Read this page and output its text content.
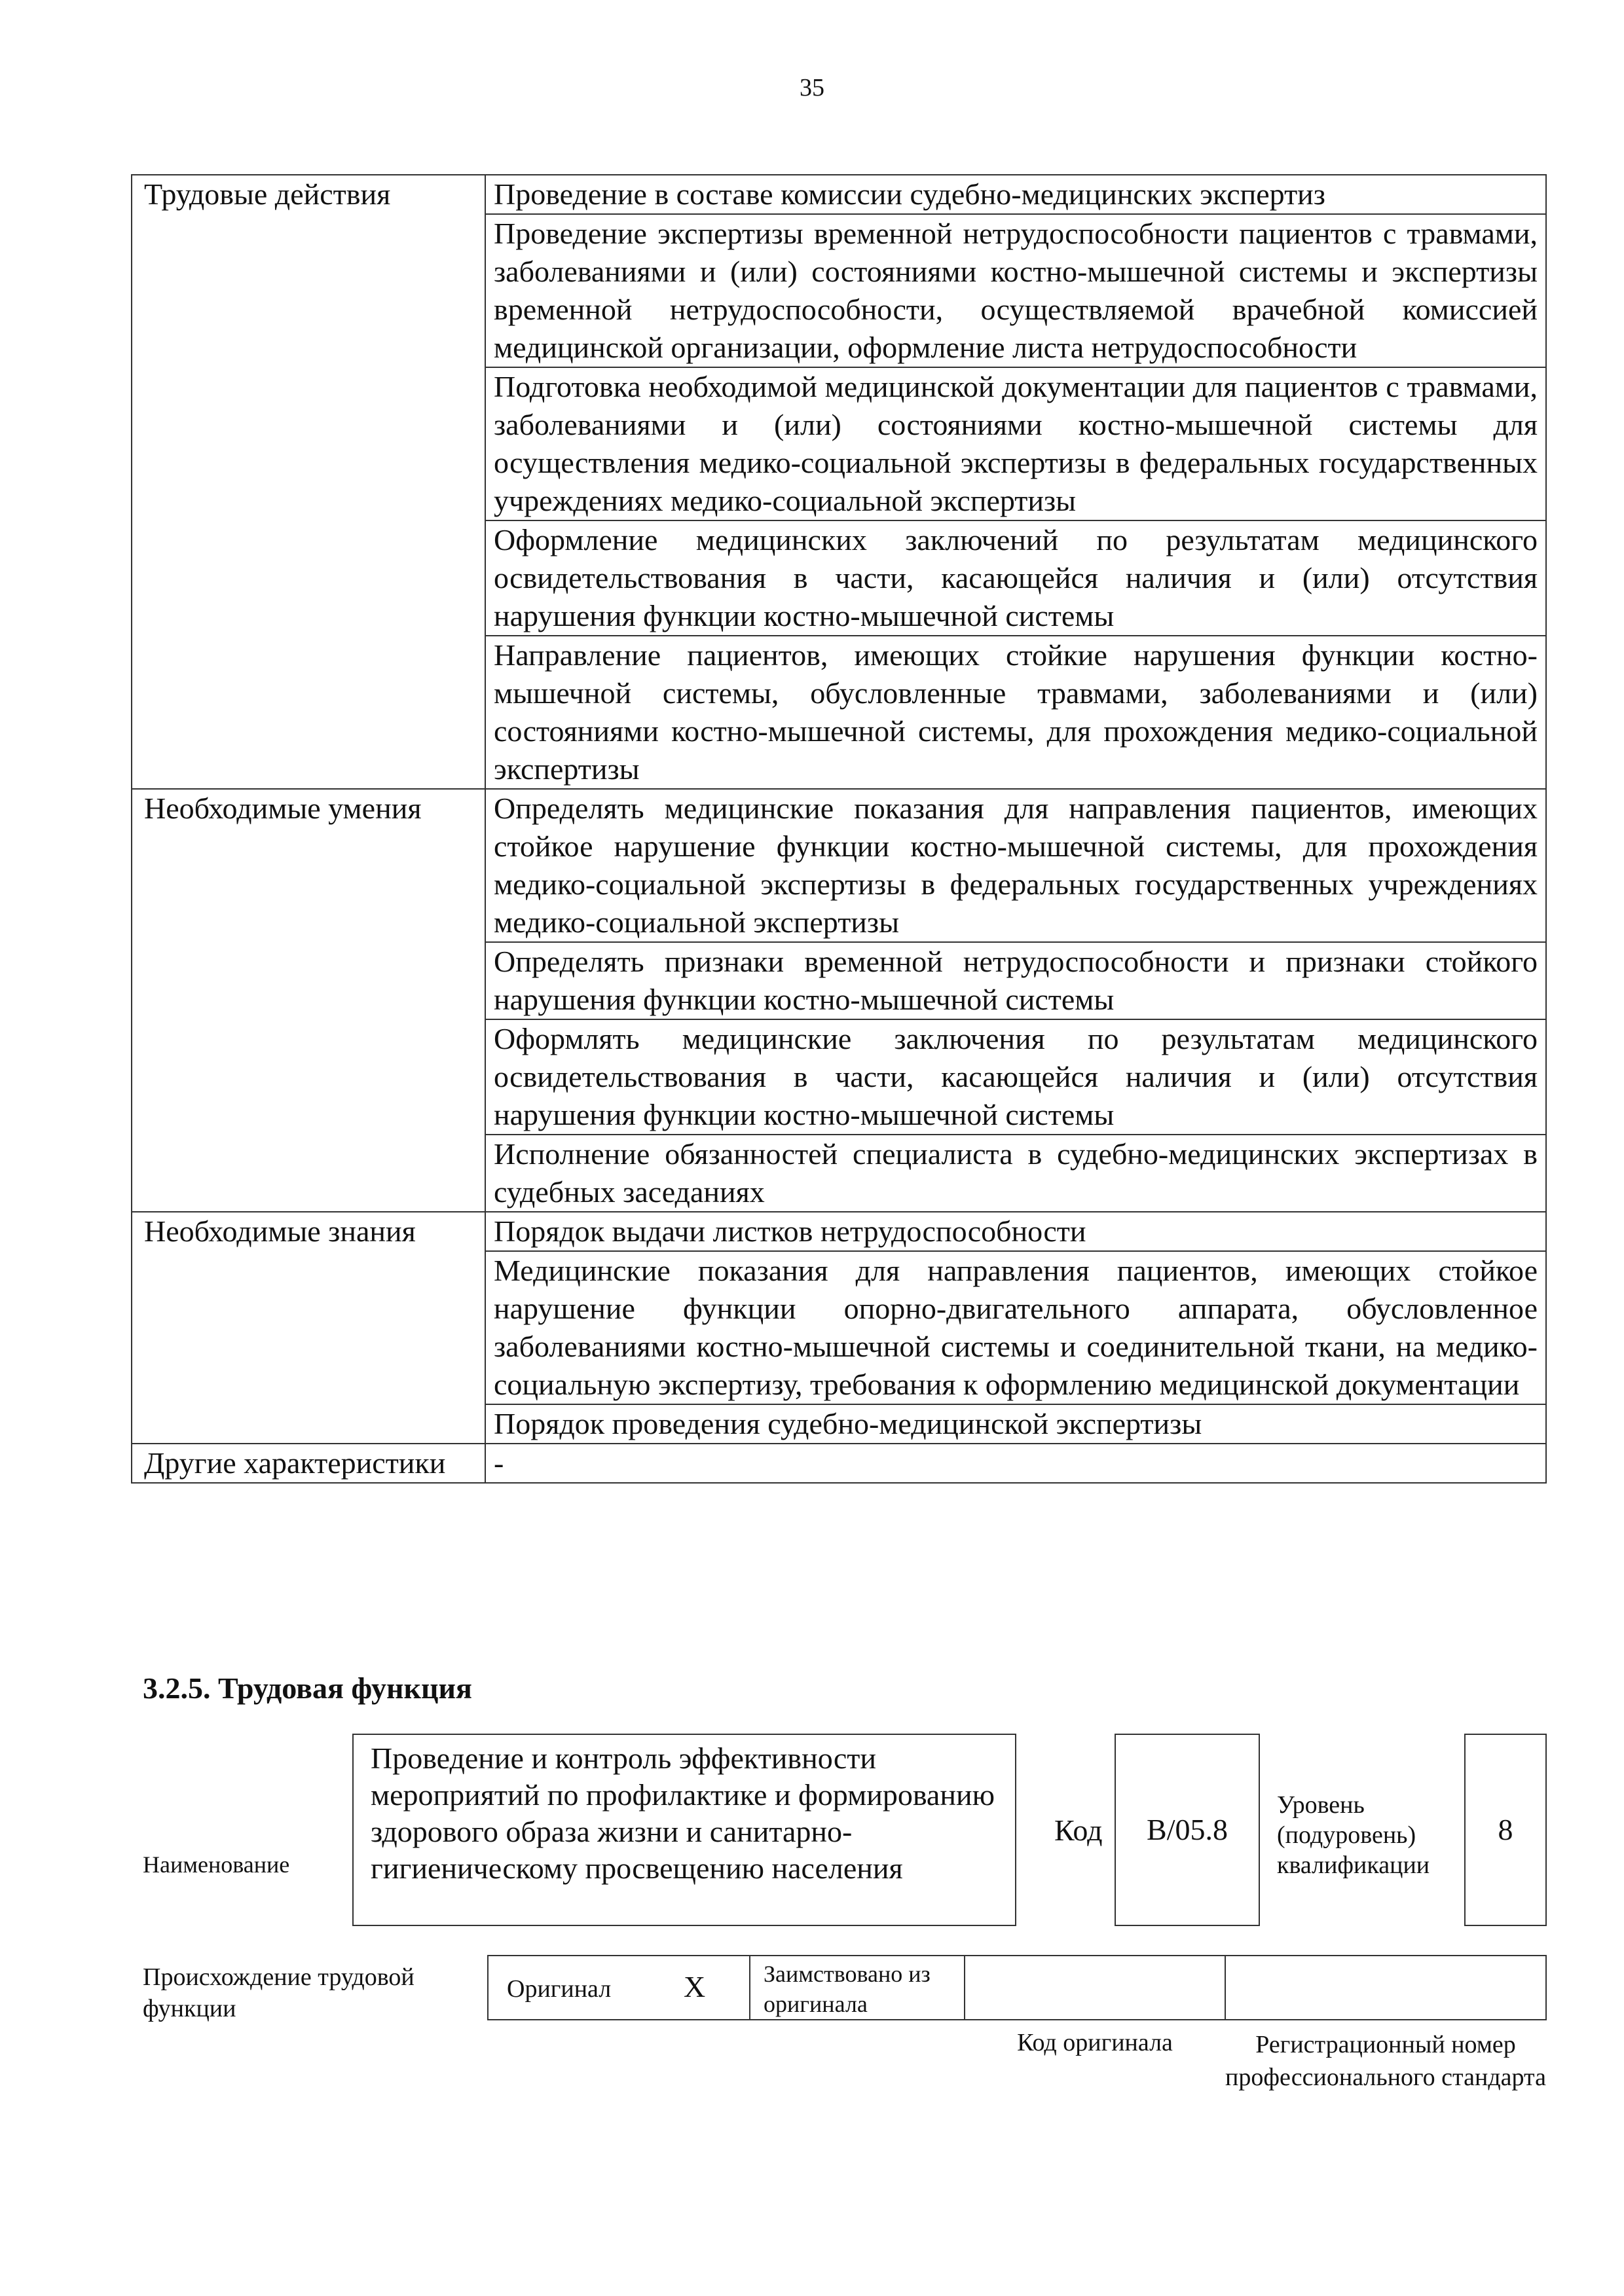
35
Трудовые действия	Проведение в составе комиссии судебно-медицинских экспертиз
	Проведение экспертизы временной нетрудоспособности пациентов с травмами, заболеваниями и (или) состояниями костно-мышечной системы и экспертизы временной нетрудоспособности, осуществляемой врачебной комиссией медицинской организации, оформление листа нетрудоспособности
	Подготовка необходимой медицинской документации для пациентов с травмами, заболеваниями и (или) состояниями костно-мышечной системы для осуществления медико-социальной экспертизы в федеральных государственных учреждениях медико-социальной экспертизы
	Оформление медицинских заключений по результатам медицинского освидетельствования в части, касающейся наличия и (или) отсутствия нарушения функции костно-мышечной системы
	Направление пациентов, имеющих стойкие нарушения функции костно-мышечной системы, обусловленные травмами, заболеваниями и (или) состояниями костно-мышечной системы, для прохождения медико-социальной экспертизы
Необходимые умения	Определять медицинские показания для направления пациентов, имеющих стойкое нарушение функции костно-мышечной системы, для прохождения медико-социальной экспертизы в федеральных государственных учреждениях медико-социальной экспертизы
	Определять признаки временной нетрудоспособности и признаки стойкого нарушения функции костно-мышечной системы
	Оформлять медицинские заключения по результатам медицинского освидетельствования в части, касающейся наличия и (или) отсутствия нарушения функции костно-мышечной системы
	Исполнение обязанностей специалиста в судебно-медицинских экспертизах в судебных заседаниях
Необходимые знания	Порядок выдачи листков нетрудоспособности
	Медицинские показания для направления пациентов, имеющих стойкое нарушение функции опорно-двигательного аппарата, обусловленное заболеваниями костно-мышечной системы и соединительной ткани, на медико-социальную экспертизу, требования к оформлению медицинской документации
	Порядок проведения судебно-медицинской экспертизы
Другие характеристики	-
3.2.5. Трудовая функция
Наименование
Проведение и контроль эффективности мероприятий по профилактике и формированию здорового образа жизни и санитарно-гигиеническому просвещению населения
Код B/05.8
Уровень (подуровень) квалификации
8
Происхождение трудовой функции
Оригинал X Заимствовано из оригинала
Код оригинала	Регистрационный номер профессионального стандарта
